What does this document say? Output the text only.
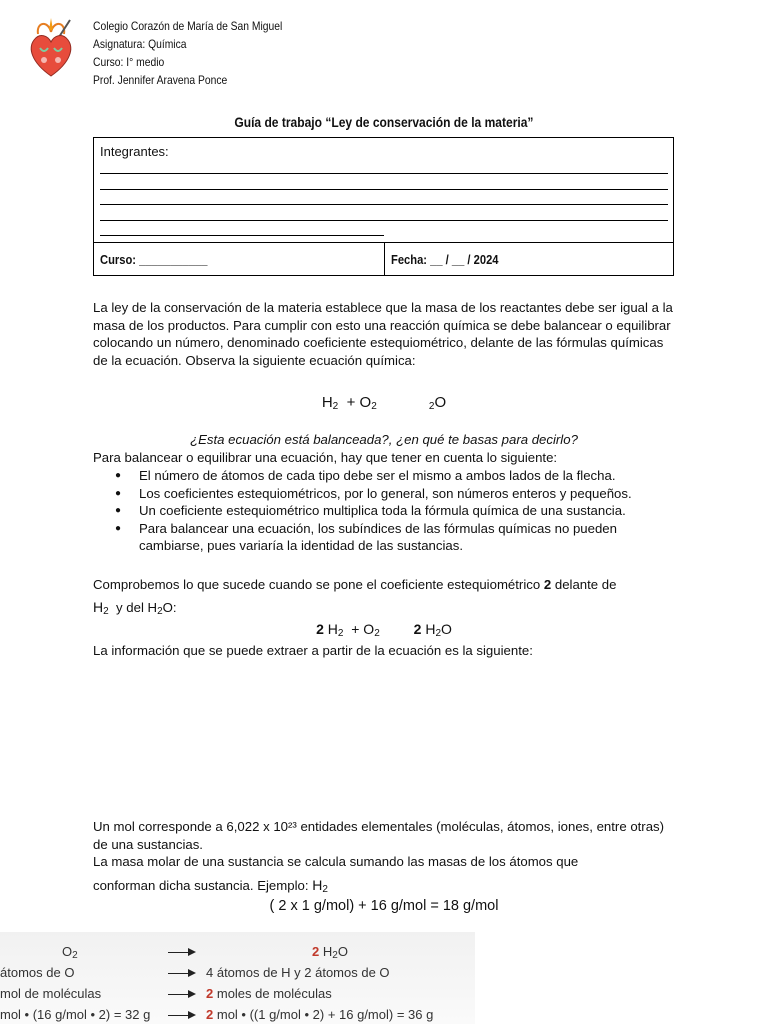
Colegio Corazón de María de San Miguel
Asignatura: Química
Curso: I° medio
Prof. Jennifer Aravena Ponce
Guía de trabajo “Ley de conservación de la materia”
Integrantes:
Curso: ___________	Fecha: __ / __ / 2024
La ley de la conservación de la materia establece que la masa de los reactantes debe ser igual a la masa de los productos. Para cumplir con esto una reacción química se debe balancear o equilibrar colocando un número, denominado coeficiente estequiométrico, delante de las fórmulas químicas de la ecuación. Observa la siguiente ecuación química:
$H_2 + O_2$	$_2$O
¿Esta ecuación está balanceada?, ¿en qué te basas para decirlo?
Para balancear o equilibrar una ecuación, hay que tener en cuenta lo siguiente:
● El número de átomos de cada tipo debe ser el mismo a ambos lados de la flecha.
● Los coeficientes estequiométricos, por lo general, son números enteros y pequeños.
● Un coeficiente estequiométrico multiplica toda la fórmula química de una sustancia.
● Para balancear una ecuación, los subíndices de las fórmulas químicas no pueden cambiarse, pues variaría la identidad de las sustancias.
Comprobemos lo que sucede cuando se pone el coeficiente estequiométrico 2 delante de
$H_2$ y del $H_2O$:
2 $H_2 + O_2$ 2 $H_2O$
La información que se puede extraer a partir de la ecuación es la siguiente:
Un mol corresponde a 6,022 x 10²³ entidades elementales (moléculas, átomos, iones, entre otras) de una sustancias.
La masa molar de una sustancia se calcula sumando las masas de los átomos que
conforman dicha sustancia. Ejemplo: $H_2$
( 2 x 1 g/mol) + 16 g/mol = 18 g/mol
$O_2$
átomos de O
mol de moléculas
mol • (16 g/mol • 2) = 32 g
2 $H_2O$
4 átomos de H y 2 átomos de O
2 moles de moléculas
2 mol • ((1 g/mol • 2) + 16 g/mol) = 36 g
